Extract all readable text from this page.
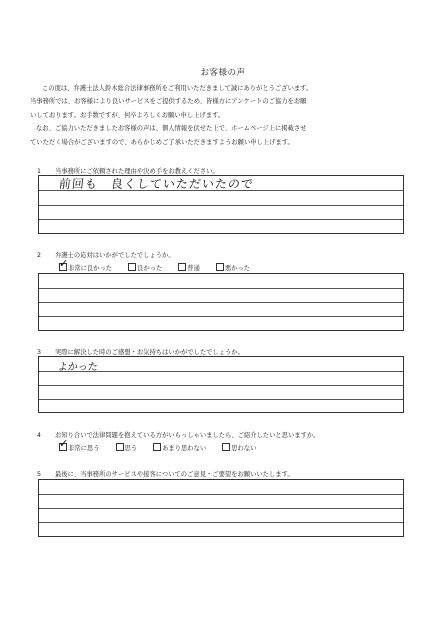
お客様の声

この度は、弁護士法人鈴木総合法律事務所をご利用いただきまして誠にありがとうございます。

当事務所では、お客様により良いサービスをご提供するため、皆様方にアンケートのご協力をお願

いしております。お手数ですが、何卒よろしくお願い申し上げます。

なお、ご協力いただきましたお客様の声は、個人情報を伏せた上で、ホームページ上に掲載させ

ていただく場合がございますので、あらかじめご了承いただきますようお願い申し上げます。

1 当事務所にご依頼された理由や決め手をお教えください。
前回も　良くしていただいたので
2 弁護士の応対はいかがでしたでしょうか。
✓非常に良かった	良かった	普通	悪かった
3 実際に解決した時のご感想・お気持ちはいかがでしたでしょうか。
よかった
4 お知り合いで法律問題を抱えている方がいらっしゃいましたら、ご紹介したいと思いますか。
✓非常に思う	思う	あまり思わない	思わない
5 最後に、当事務所のサービスや接客についてのご意見・ご要望をお願いいたします。
